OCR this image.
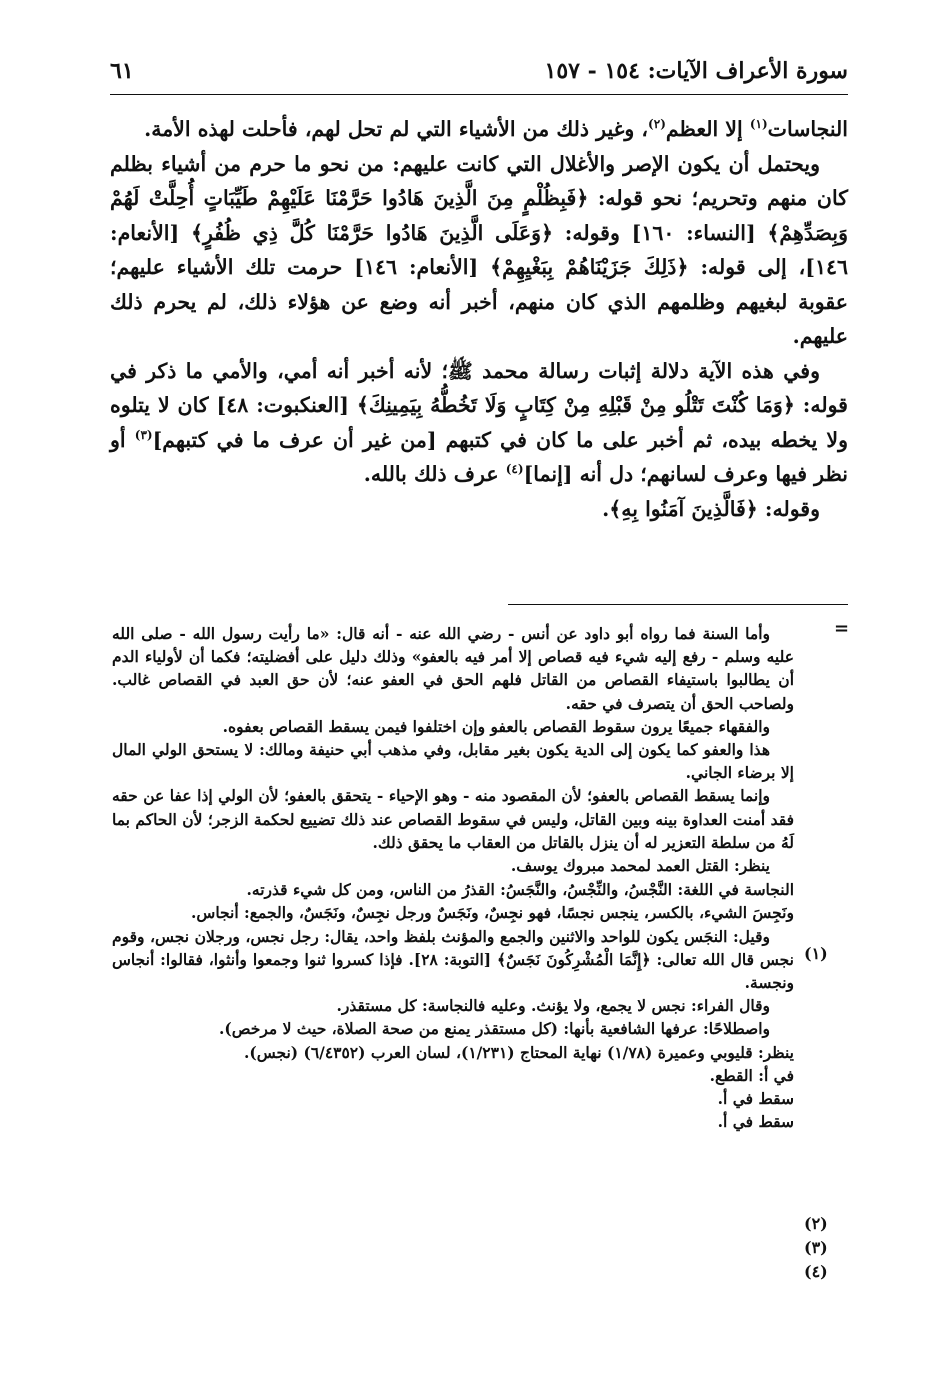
سورة الأعراف الآيات: ١٥٤ - ١٥٧
٦١

النجاسات$^{(١)}$ إلا العظم$^{(٢)}$، وغير ذلك من الأشياء التي لم تحل لهم، فأحلت لهذه الأمة.

ويحتمل أن يكون الإصر والأغلال التي كانت عليهم: من نحو ما حرم من أشياء بظلم كان منهم وتحريم؛ نحو قوله: ﴿فَبِظُلْمٍ مِنَ الَّذِينَ هَادُوا حَرَّمْنَا عَلَيْهِمْ طَيِّبَاتٍ أُحِلَّتْ لَهُمْ وَبِصَدِّهِمْ﴾ [النساء: ١٦٠] وقوله: ﴿وَعَلَى الَّذِينَ هَادُوا حَرَّمْنَا كُلَّ ذِي ظُفُرٍ﴾ [الأنعام: ١٤٦]، إلى قوله: ﴿ذَلِكَ جَزَيْنَاهُمْ بِبَغْيِهِمْ﴾ [الأنعام: ١٤٦] حرمت تلك الأشياء عليهم؛ عقوبة لبغيهم وظلمهم الذي كان منهم، أخبر أنه وضع عن هؤلاء ذلك، لم يحرم ذلك عليهم.

وفي هذه الآية دلالة إثبات رسالة محمد ﷺ؛ لأنه أخبر أنه أمي، والأمي ما ذكر في قوله: ﴿وَمَا كُنْتَ تَتْلُو مِنْ قَبْلِهِ مِنْ كِتَابٍ وَلَا تَخُطُّهُ بِيَمِينِكَ﴾ [العنكبوت: ٤٨] كان لا يتلوه ولا يخطه بيده، ثم أخبر على ما كان في كتبهم [من غير أن عرف ما في كتبهم]$^{(٣)}$ أو نظر فيها وعرف لسانهم؛ دل أنه [إنما]$^{(٤)}$ عرف ذلك بالله.

وقوله: ﴿فَالَّذِينَ آمَنُوا بِهِ﴾.

=

وأما السنة فما رواه أبو داود عن أنس - رضي الله عنه - أنه قال: «ما رأيت رسول الله - صلى الله عليه وسلم - رفع إليه شيء فيه قصاص إلا أمر فيه بالعفو» وذلك دليل على أفضليته؛ فكما أن لأولياء الدم أن يطالبوا باستيفاء القصاص من القاتل فلهم الحق في العفو عنه؛ لأن حق العبد في القصاص غالب. ولصاحب الحق أن يتصرف في حقه.

والفقهاء جميعًا يرون سقوط القصاص بالعفو وإن اختلفوا فيمن يسقط القصاص بعفوه.

هذا والعفو كما يكون إلى الدية يكون بغير مقابل، وفي مذهب أبي حنيفة ومالك: لا يستحق الولي المال إلا برضاء الجاني.

وإنما يسقط القصاص بالعفو؛ لأن المقصود منه - وهو الإحياء - يتحقق بالعفو؛ لأن الولي إذا عفا عن حقه فقد أمنت العداوة بينه وبين القاتل، وليس في سقوط القصاص عند ذلك تضييع لحكمة الزجر؛ لأن الحاكم بما لَهُ من سلطة التعزير له أن ينزل بالقاتل من العقاب ما يحقق ذلك.

ينظر: القتل العمد لمحمد مبروك يوسف.

النجاسة في اللغة: النَّجْسُ، والنِّجْسُ، والنَّجَسُ: القذرُ من الناس، ومن كل شيء قذرته.

ونَجِسَ الشيء، بالكسر، ينجس نجسًا، فهو نجِسٌ، ونَجَسٌ ورجل نجِسٌ، ونَجَسٌ، والجمع: أنجاس.

وقيل: النجَس يكون للواحد والاثنين والجمع والمؤنث بلفظ واحد، يقال: رجل نجس، ورجلان نجس، وقوم نجس قال الله تعالى: ﴿إِنَّمَا الْمُشْرِكُونَ نَجَسٌ﴾ [التوبة: ٢٨]. فإذا كسروا ثنوا وجمعوا وأنثوا، فقالوا: أنجاس ونجسة.

وقال الفراء: نجس لا يجمع، ولا يؤنث. وعليه فالنجاسة: كل مستقذر.

واصطلاحًا: عرفها الشافعية بأنها: (كل مستقذر يمنع من صحة الصلاة، حيث لا مرخص).

ينظر: قليوبي وعميرة (١/٧٨) نهاية المحتاج (١/٢٣١)، لسان العرب (٦/٤٣٥٢) (نجس).

في أ: القطع.

سقط في أ.

سقط في أ.

(١)
(٢)
(٣)
(٤)
